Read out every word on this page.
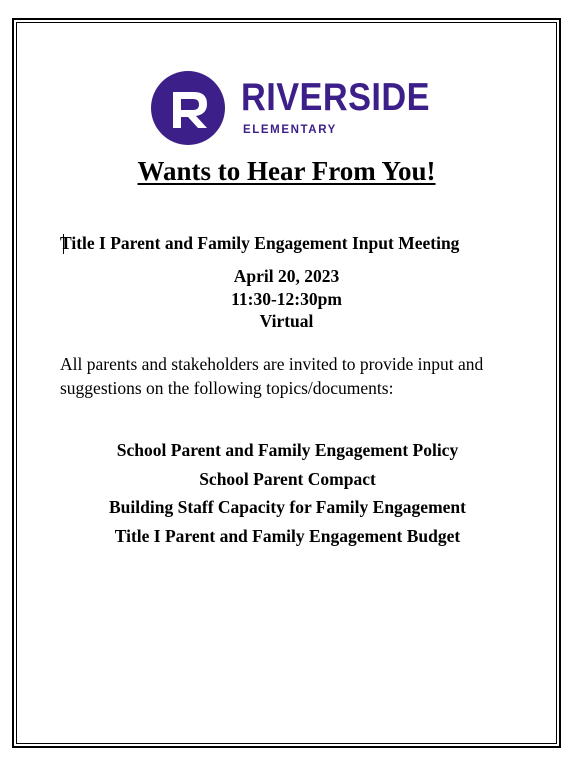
RIVERSIDE
ELEMENTARY
Wants to Hear From You!
Title I Parent and Family Engagement Input Meeting
April 20, 2023
11:30-12:30pm
Virtual
All parents and stakeholders are invited to provide input and suggestions on the following topics/documents:
School Parent and Family Engagement Policy
School Parent Compact
Building Staff Capacity for Family Engagement
Title I Parent and Family Engagement Budget
